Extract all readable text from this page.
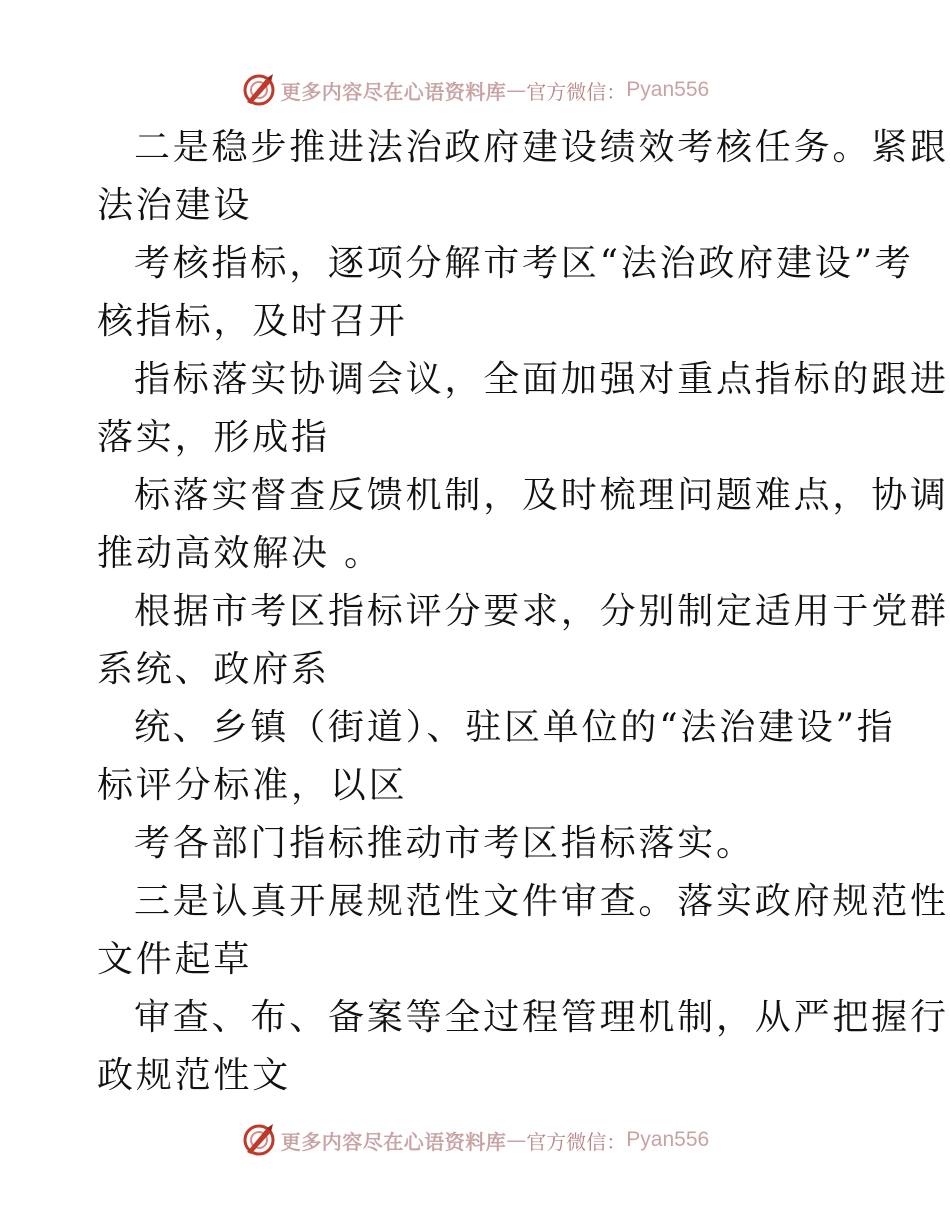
更多内容尽在心语资料库 — 官方微信： Pyan556

二是稳步推进法治政府建设绩效考核任务。紧跟

法治建设

考核指标，逐项分解市考区“法治政府建设”考

核指标，及时召开

指标落实协调会议，全面加强对重点指标的跟进

落实，形成指

标落实督查反馈机制，及时梳理问题难点，协调

推动高效解决 。

根据市考区指标评分要求，分别制定适用于党群

系统、政府系

统、乡镇（街道）、驻区单位的“法治建设”指

标评分标准，以区

考各部门指标推动市考区指标落实。

三是认真开展规范性文件审查。落实政府规范性

文件起草

审查、布、备案等全过程管理机制，从严把握行

政规范性文

更多内容尽在心语资料库 — 官方微信： Pyan556
